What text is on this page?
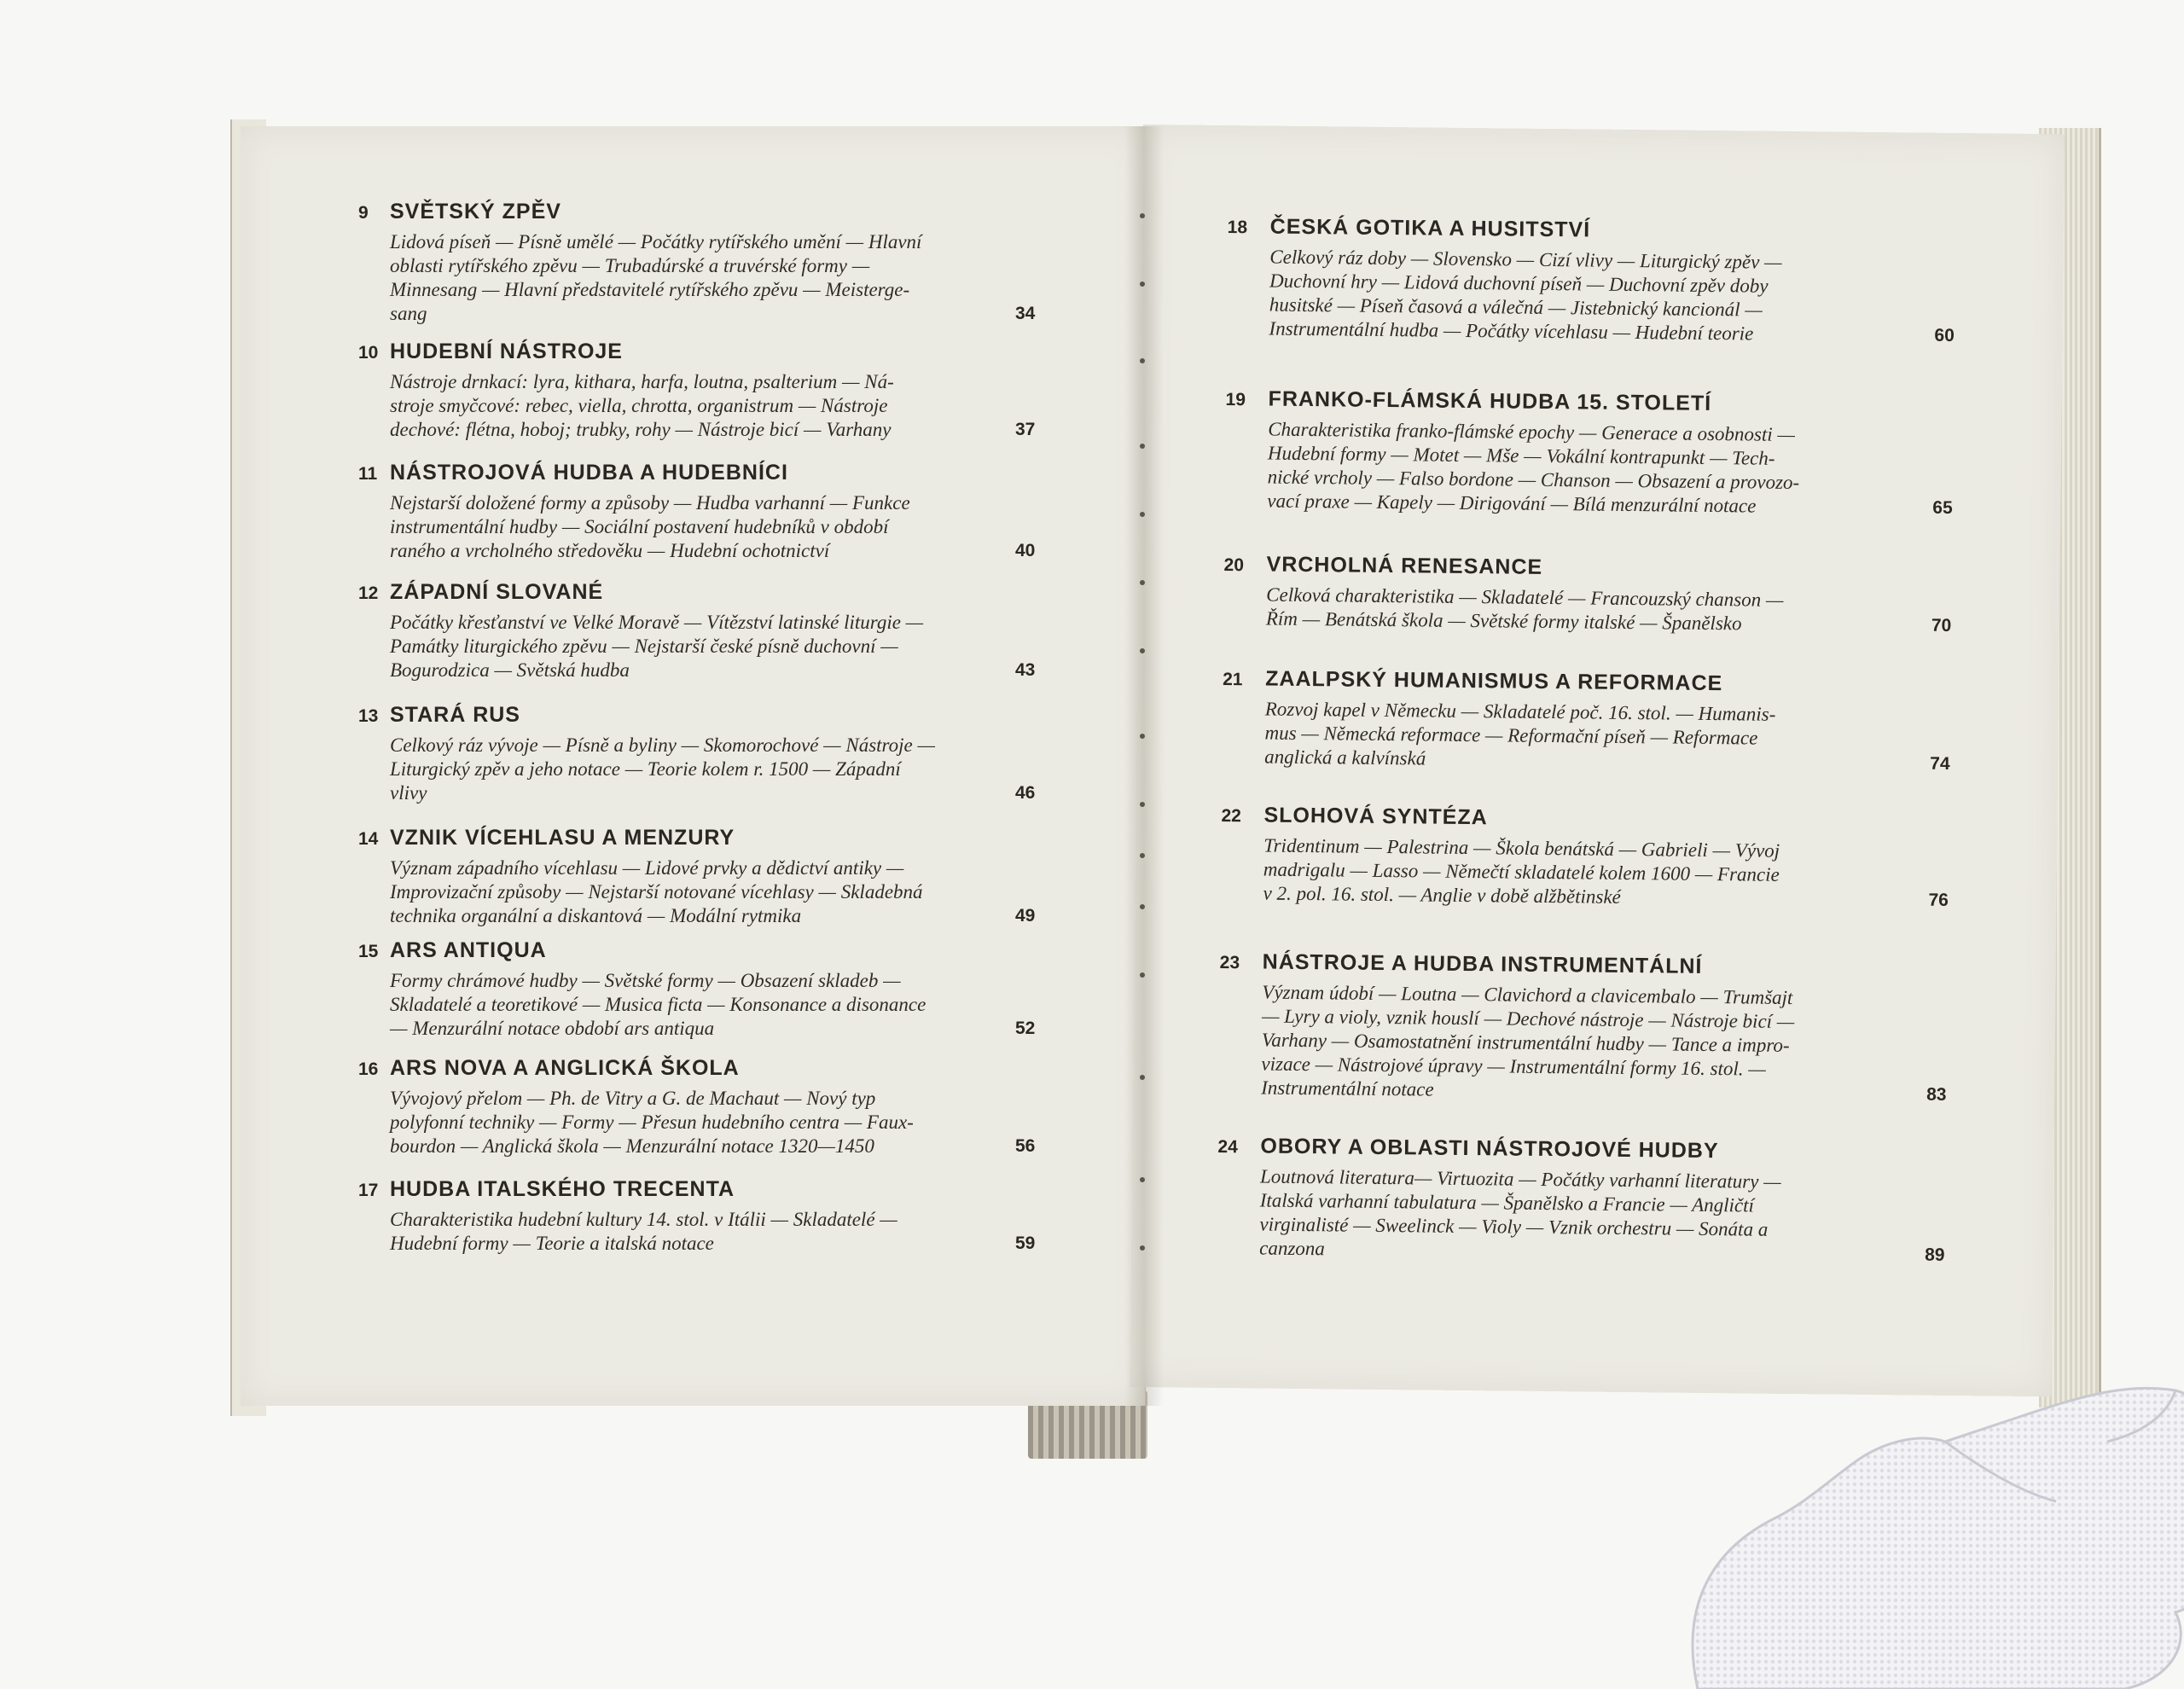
9 SVĚTSKÝ ZPĚV
Lidová píseň — Písně umělé — Počátky rytířského umění — Hlavní
oblasti rytířského zpěvu — Trubadúrské a truvérské formy —
Minnesang — Hlavní představitelé rytířského zpěvu — Meisterge-
sang	34
10 HUDEBNÍ NÁSTROJE
Nástroje drnkací: lyra, kithara, harfa, loutna, psalterium — Ná-
stroje smyčcové: rebec, viella, chrotta, organistrum — Nástroje
dechové: flétna, hoboj; trubky, rohy — Nástroje bicí — Varhany	37
11 NÁSTROJOVÁ HUDBA A HUDEBNÍCI
Nejstarší doložené formy a způsoby — Hudba varhanní — Funkce
instrumentální hudby — Sociální postavení hudebníků v období
raného a vrcholného středověku — Hudební ochotnictví	40
12 ZÁPADNÍ SLOVANÉ
Počátky křesťanství ve Velké Moravě — Vítězství latinské liturgie —
Památky liturgického zpěvu — Nejstarší české písně duchovní —
Bogurodzica — Světská hudba	43
13 STARÁ RUS
Celkový ráz vývoje — Písně a byliny — Skomorochové — Nástroje —
Liturgický zpěv a jeho notace — Teorie kolem r. 1500 — Západní
vlivy	46
14 VZNIK VÍCEHLASU A MENZURY
Význam západního vícehlasu — Lidové prvky a dědictví antiky —
Improvizační způsoby — Nejstarší notované vícehlasy — Skladebná
technika organální a diskantová — Modální rytmika	49
15 ARS ANTIQUA
Formy chrámové hudby — Světské formy — Obsazení skladeb —
Skladatelé a teoretikové — Musica ficta — Konsonance a disonance
— Menzurální notace období ars antiqua	52
16 ARS NOVA A ANGLICKÁ ŠKOLA
Vývojový přelom — Ph. de Vitry a G. de Machaut — Nový typ
polyfonní techniky — Formy — Přesun hudebního centra — Faux-
bourdon — Anglická škola — Menzurální notace 1320—1450	56
17 HUDBA ITALSKÉHO TRECENTA
Charakteristika hudební kultury 14. stol. v Itálii — Skladatelé —
Hudební formy — Teorie a italská notace	59
18 ČESKÁ GOTIKA A HUSITSTVÍ
Celkový ráz doby — Slovensko — Cizí vlivy — Liturgický zpěv —
Duchovní hry — Lidová duchovní píseň — Duchovní zpěv doby
husitské — Píseň časová a válečná — Jistebnický kancionál —
Instrumentální hudba — Počátky vícehlasu — Hudební teorie	60
19 FRANKO-FLÁMSKÁ HUDBA 15. STOLETÍ
Charakteristika franko-flámské epochy — Generace a osobnosti —
Hudební formy — Motet — Mše — Vokální kontrapunkt — Tech-
nické vrcholy — Falso bordone — Chanson — Obsazení a provozo-
vací praxe — Kapely — Dirigování — Bílá menzurální notace	65
20 VRCHOLNÁ RENESANCE
Celková charakteristika — Skladatelé — Francouzský chanson —
Řím — Benátská škola — Světské formy italské — Španělsko	70
21 ZAALPSKÝ HUMANISMUS A REFORMACE
Rozvoj kapel v Německu — Skladatelé poč. 16. stol. — Humanis-
mus — Německá reformace — Reformační píseň — Reformace
anglická a kalvínská	74
22 SLOHOVÁ SYNTÉZA
Tridentinum — Palestrina — Škola benátská — Gabrieli — Vývoj
madrigalu — Lasso — Němečtí skladatelé kolem 1600 — Francie
v 2. pol. 16. stol. — Anglie v době alžbětinské	76
23 NÁSTROJE A HUDBA INSTRUMENTÁLNÍ
Význam údobí — Loutna — Clavichord a clavicembalo — Trumšajt
— Lyry a violy, vznik houslí — Dechové nástroje — Nástroje bicí —
Varhany — Osamostatnění instrumentální hudby — Tance a impro-
vizace — Nástrojové úpravy — Instrumentální formy 16. stol. —
Instrumentální notace	83
24 OBORY A OBLASTI NÁSTROJOVÉ HUDBY
Loutnová literatura— Virtuozita — Počátky varhanní literatury —
Italská varhanní tabulatura — Španělsko a Francie — Angličtí
virginalisté — Sweelinck — Violy — Vznik orchestru — Sonáta a
canzona	89
